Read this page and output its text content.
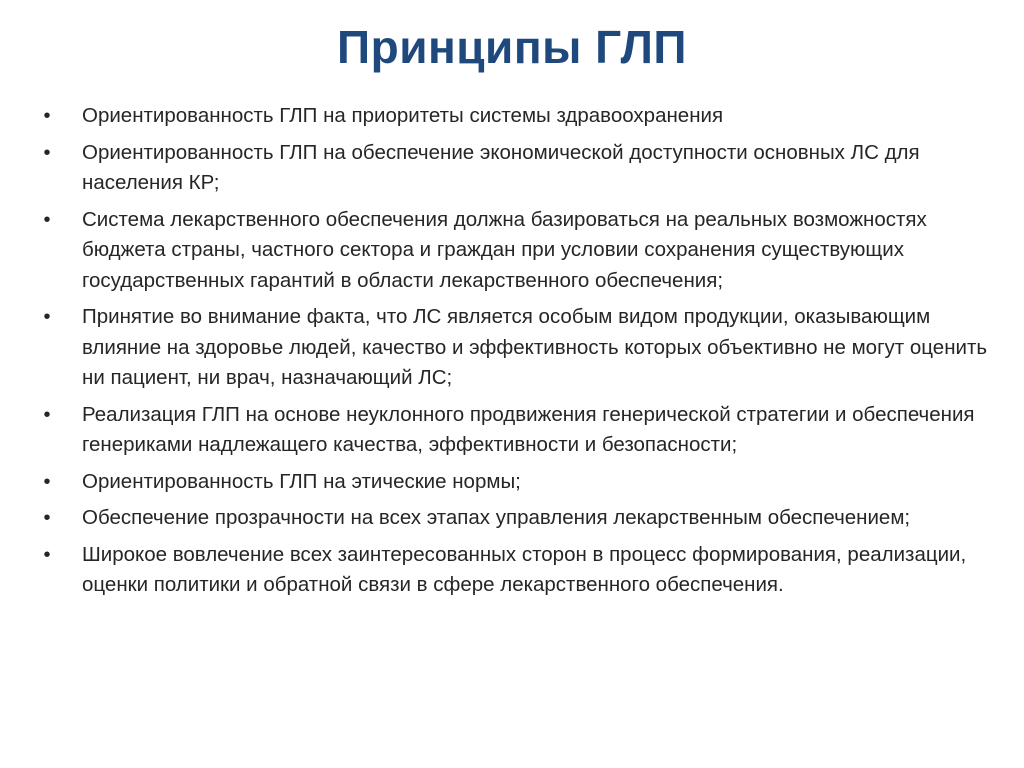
Принципы ГЛП
• Ориентированность ГЛП на приоритеты системы здравоохранения
• Ориентированность ГЛП на обеспечение экономической доступности основных ЛС для населения КР;
• Система лекарственного обеспечения должна базироваться на реальных возможностях бюджета страны, частного сектора и граждан при условии сохранения существующих государственных гарантий в области лекарственного обеспечения;
• Принятие во внимание факта, что ЛС является особым видом продукции, оказывающим влияние на здоровье людей, качество и эффективность которых объективно не могут оценить ни пациент, ни врач, назначающий ЛС;
• Реализация ГЛП на основе неуклонного продвижения генерической стратегии и обеспечения генериками надлежащего качества, эффективности и безопасности;
• Ориентированность ГЛП на этические нормы;
• Обеспечение прозрачности на всех этапах управления лекарственным обеспечением;
• Широкое вовлечение всех заинтересованных сторон в процесс формирования, реализации, оценки политики и обратной связи в сфере лекарственного обеспечения.
